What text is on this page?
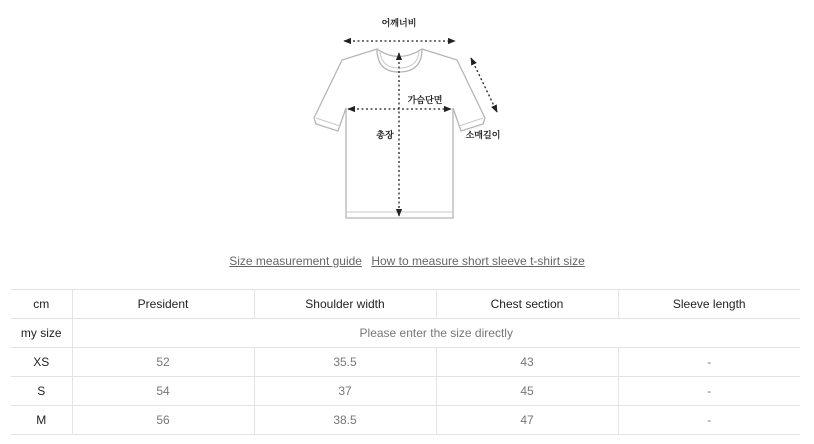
어깨너비
가슴단면
총장	소매길이
Size measurement guide How to measure short sleeve t-shirt size
cm	President	Shoulder width	Chest section	Sleeve length
my size	Please enter the size directly			
XS	52	35.5	43	-
S	54	37	45	-
M	56	38.5	47	-
